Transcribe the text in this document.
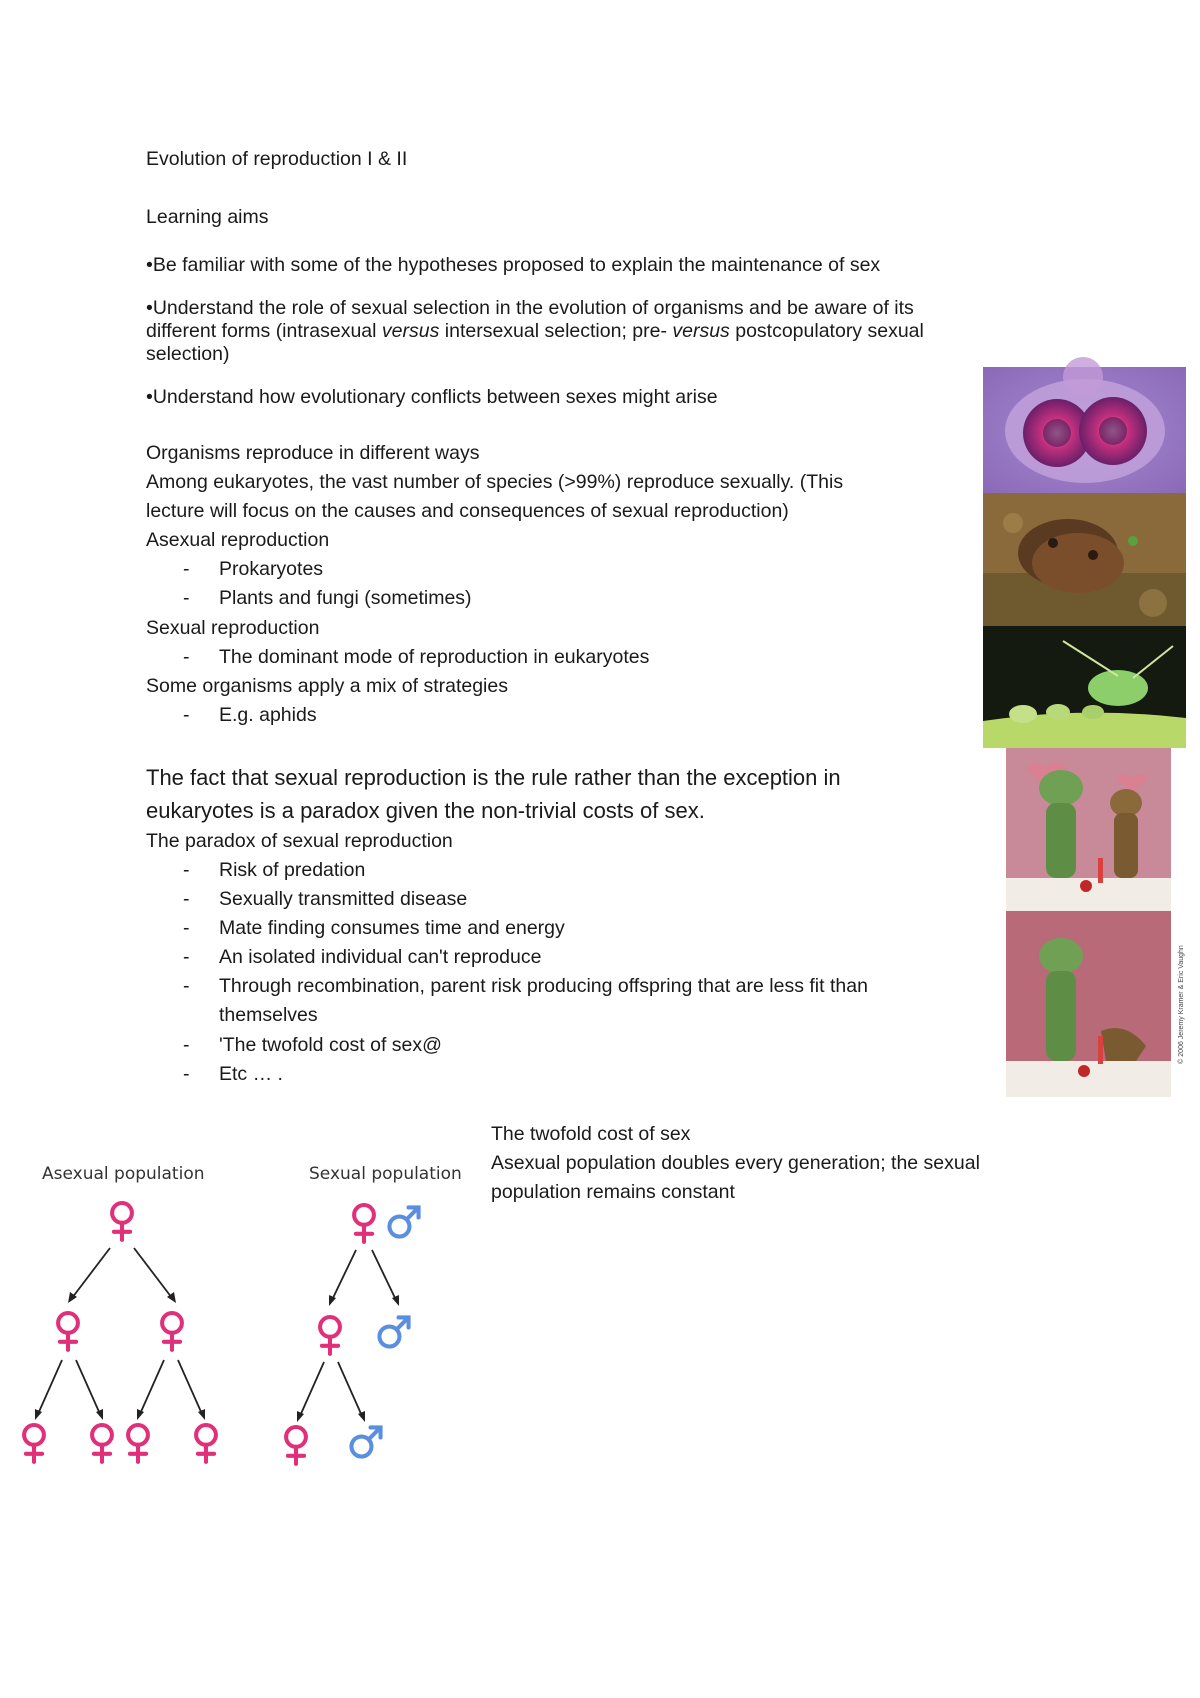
Evolution of reproduction I & II
Learning aims
•Be familiar with some of the hypotheses proposed to explain the maintenance of sex
•Understand the role of sexual selection in the evolution of organisms and be aware of its
different forms (intrasexual versus intersexual selection; pre- versus postcopulatory sexual
selection)
•Understand how evolutionary conflicts between sexes might arise
Organisms reproduce in different ways
Among eukaryotes, the vast number of species (>99%) reproduce sexually. (This
lecture will focus on the causes and consequences of sexual reproduction)
Asexual reproduction
- Prokaryotes
- Plants and fungi (sometimes)
Sexual reproduction
- The dominant mode of reproduction in eukaryotes
Some organisms apply a mix of strategies
- E.g. aphids
The fact that sexual reproduction is the rule rather than the exception in
eukaryotes is a paradox given the non-trivial costs of sex.
The paradox of sexual reproduction
- Risk of predation
- Sexually transmitted disease
- Mate finding consumes time and energy
- An isolated individual can't reproduce
- Through recombination, parent risk producing offspring that are less fit than
themselves
- 'The twofold cost of sex@
- Etc … .
The twofold cost of sex
Asexual population doubles every generation; the sexual
population remains constant
© 2006 Jeremy Kramer & Eric Vaughn
Asexual population	Sexual population
